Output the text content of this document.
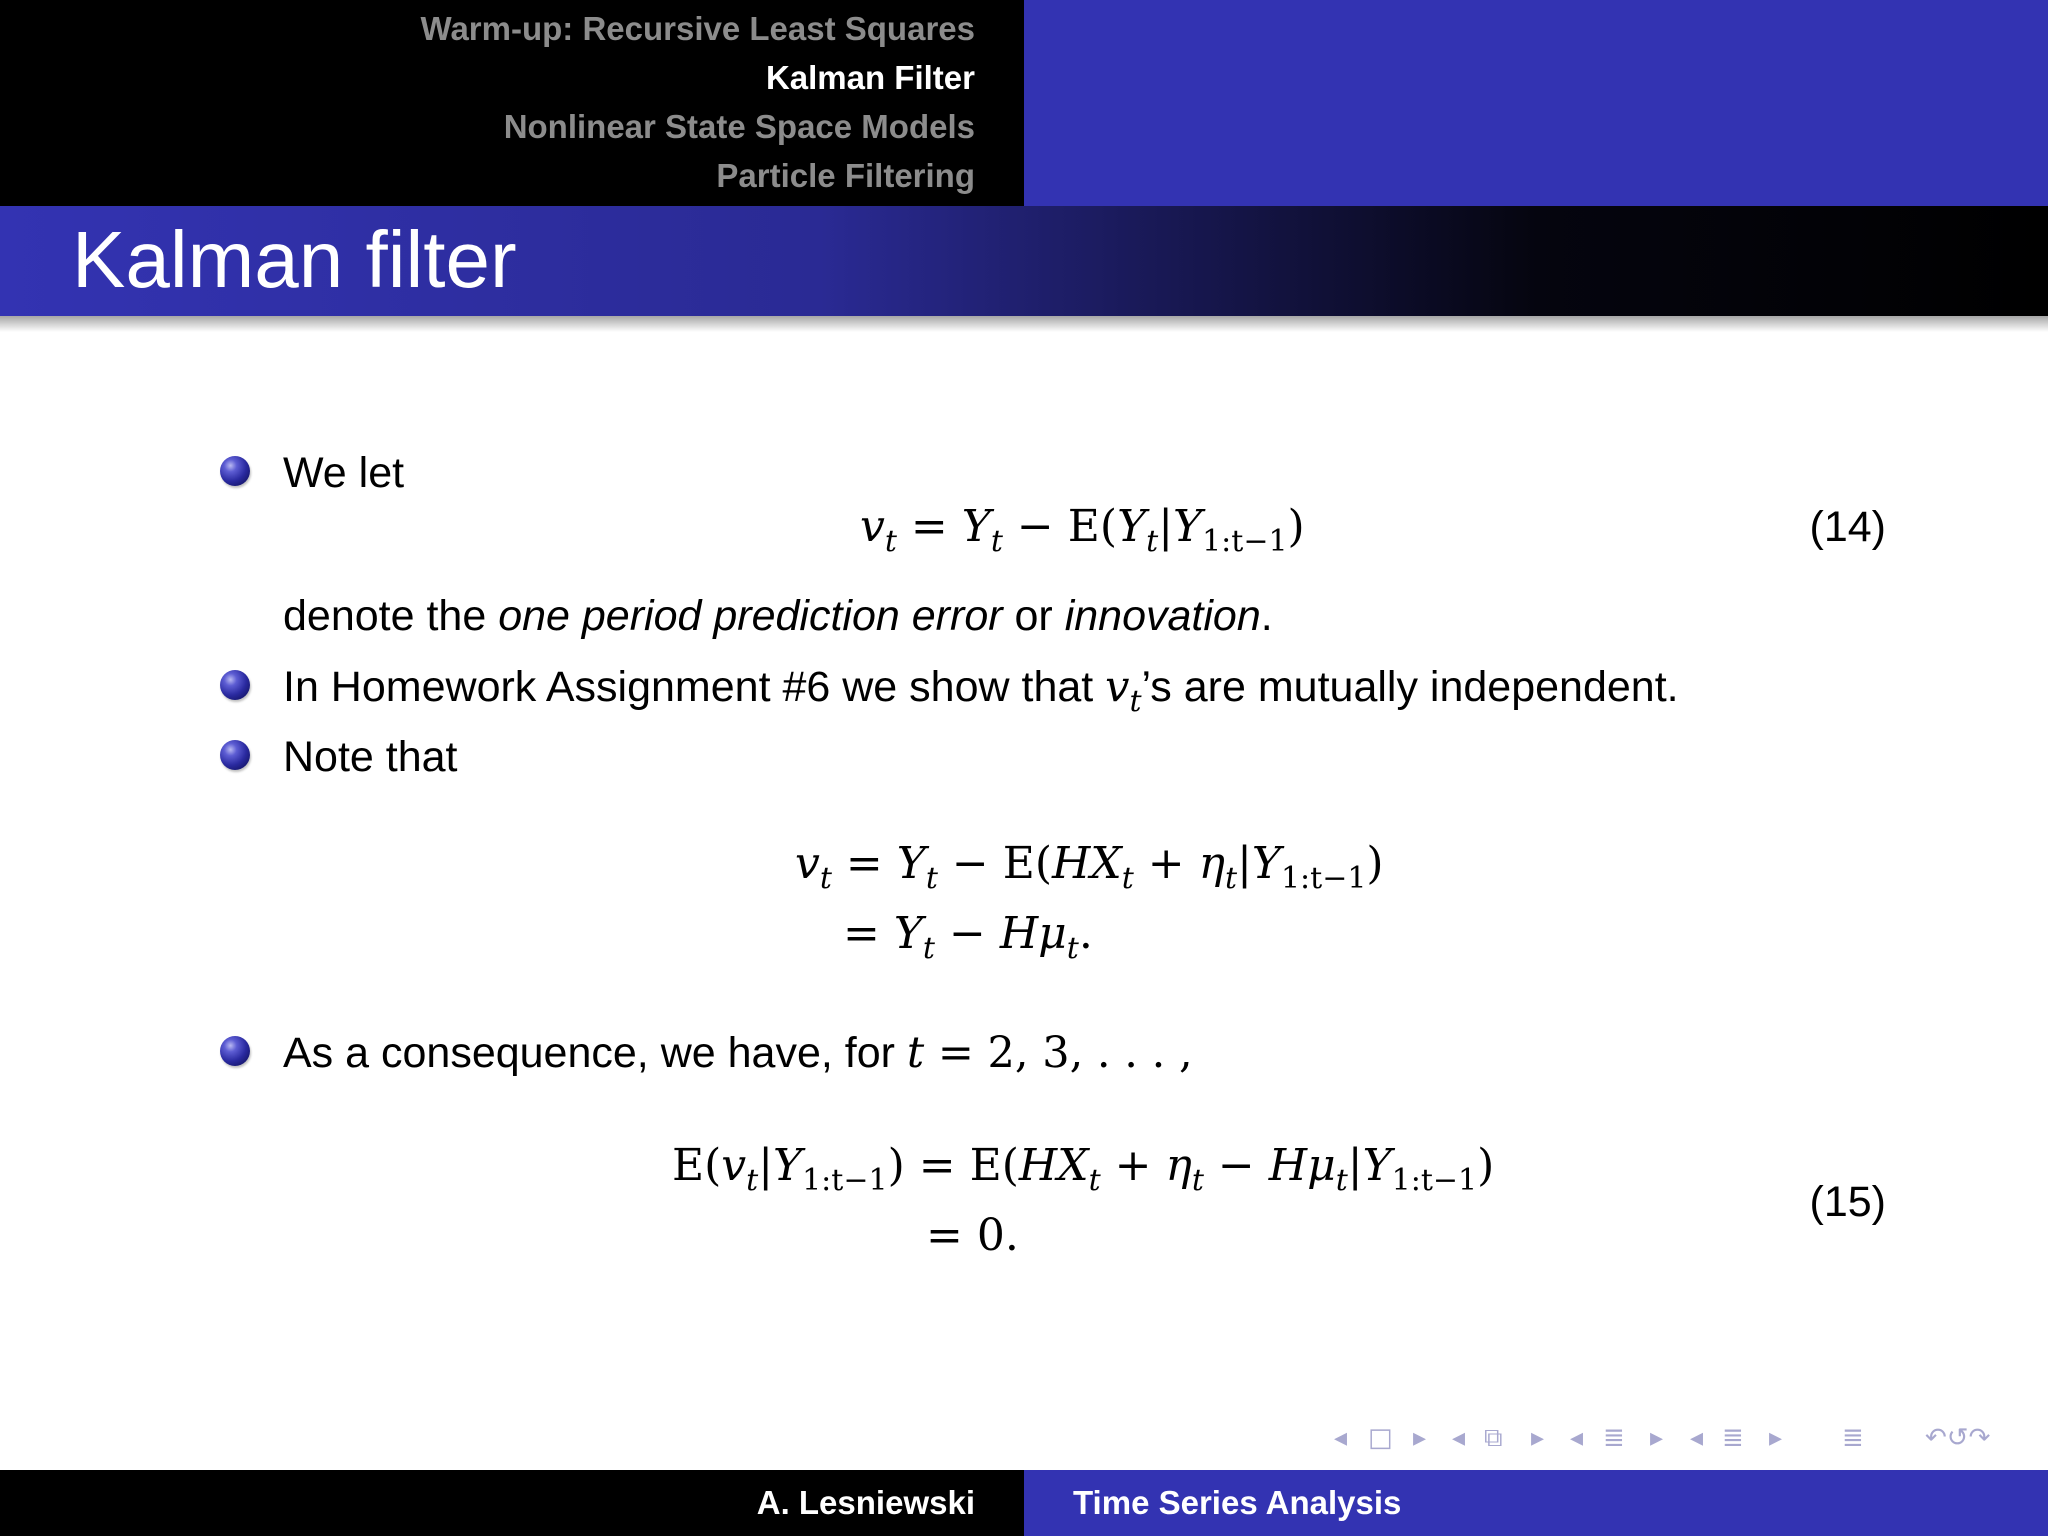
Warm-up: Recursive Least Squares
Kalman Filter
Nonlinear State Space Models
Particle Filtering
Kalman filter
We let
$v_t = Y_t - E(Y_t|Y_{1:t-1})$	(14)
denote the one period prediction error or innovation.
In Homework Assignment #6 we show that $v_t’s$ are mutually independent.
Note that
$v_t = Y_t - E(HX_t + \eta_t|Y_{1:t-1})$
= $Y_t - H\mu_t$.
As a consequence, we have, for t = 2, 3, . . . ,
$E(v_t|Y_{1:t-1}) = E(HX_t + \eta_t - H\mu_t|Y_{1:t-1})$
= 0.
(15)
◂ □ ▸ ◂ ⧉ ▸ ◂ ≣ ▸ ◂ ≣ ▸ ≣ ↶↺↷
A. Lesniewski	Time Series Analysis
